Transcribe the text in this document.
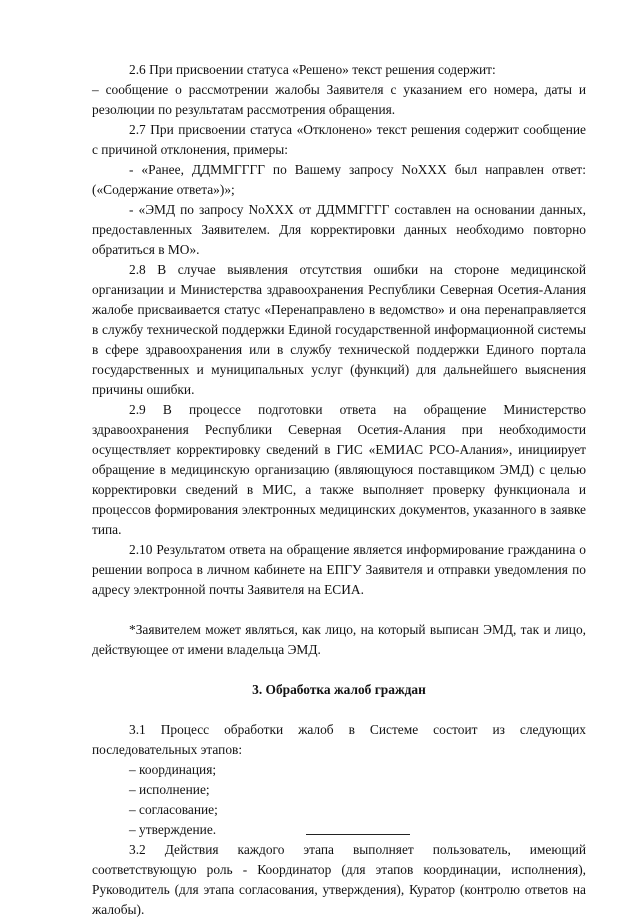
2.6 При присвоении статуса «Решено» текст решения содержит:

– сообщение о рассмотрении жалобы Заявителя с указанием его номера, даты и резолюции по результатам рассмотрения обращения.

2.7 При присвоении статуса «Отклонено» текст решения содержит сообщение с причиной отклонения, примеры:

- «Ранее, ДДММГГГГ по Вашему запросу NoXXX был направлен ответ: («Содержание ответа»)»;

- «ЭМД по запросу NoXXX от ДДММГГГГ составлен на основании данных, предоставленных Заявителем. Для корректировки данных необходимо повторно обратиться в МО».

2.8 В случае выявления отсутствия ошибки на стороне медицинской организации и Министерства здравоохранения Республики Северная Осетия-Алания жалобе присваивается статус «Перенаправлено в ведомство» и она перенаправляется в службу технической поддержки Единой государственной информационной системы в сфере здравоохранения или в службу технической поддержки Единого портала государственных и муниципальных услуг (функций) для дальнейшего выяснения причины ошибки.

2.9 В процессе подготовки ответа на обращение Министерство здравоохранения Республики Северная Осетия-Алания при необходимости осуществляет корректировку сведений в ГИС «ЕМИАС РСО-Алания», инициирует обращение в медицинскую организацию (являющуюся поставщиком ЭМД) с целью корректировки сведений в МИС, а также выполняет проверку функционала и процессов формирования электронных медицинских документов, указанного в заявке типа.

2.10 Результатом ответа на обращение является информирование гражданина о решении вопроса в личном кабинете на ЕПГУ Заявителя и отправки уведомления по адресу электронной почты Заявителя на ЕСИА.

*Заявителем может являться, как лицо, на который выписан ЭМД, так и лицо, действующее от имени владельца ЭМД.

3. Обработка жалоб граждан

3.1 Процесс обработки жалоб в Системе состоит из следующих последовательных этапов:

– координация;

– исполнение;

– согласование;

– утверждение.

3.2 Действия каждого этапа выполняет пользователь, имеющий соответствующую роль - Координатор (для этапов координации, исполнения), Руководитель (для этапа согласования, утверждения), Куратор (контролю ответов на жалобы).
